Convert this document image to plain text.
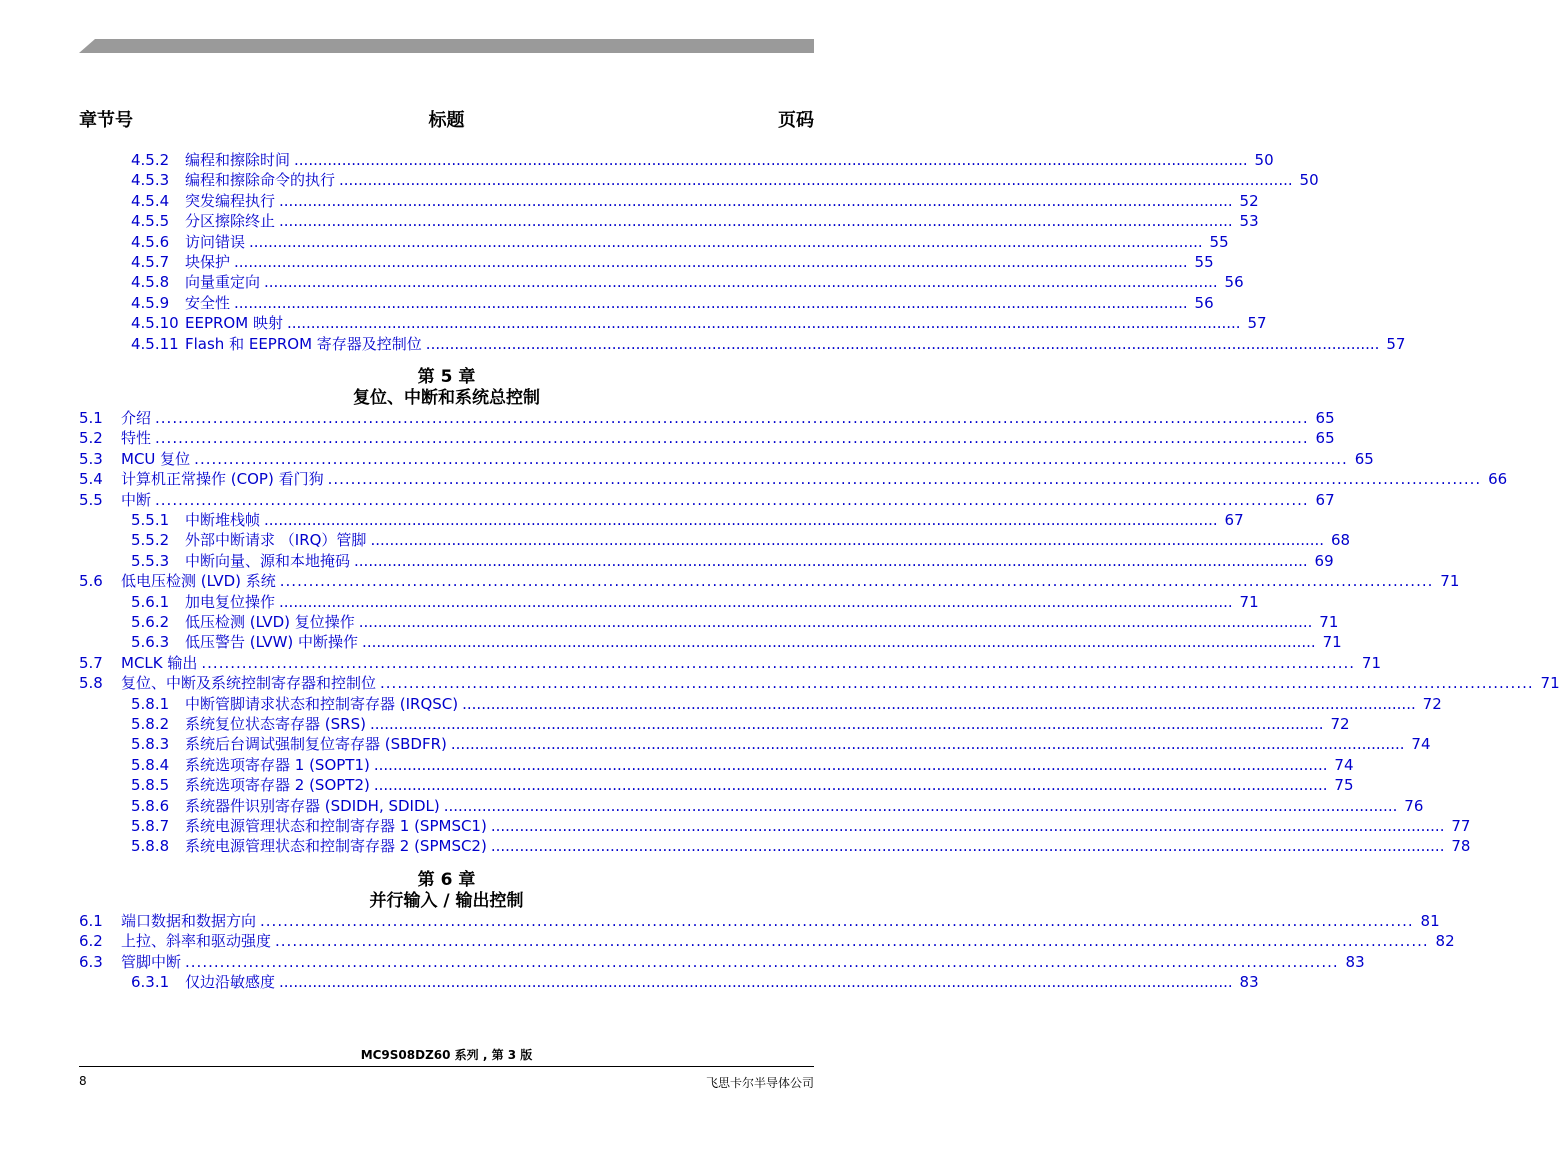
章节号	标题	页码
4.5.2	编程和擦除时间 ........................................................................................................................................................................................................ 50
4.5.3	编程和擦除命令的执行 ........................................................................................................................................................................................................ 50
4.5.4	突发编程执行 ........................................................................................................................................................................................................ 52
4.5.5	分区擦除终止 ........................................................................................................................................................................................................ 53
4.5.6	访问错误 ........................................................................................................................................................................................................ 55
4.5.7	块保护 ........................................................................................................................................................................................................ 55
4.5.8	向量重定向 ........................................................................................................................................................................................................ 56
4.5.9	安全性 ........................................................................................................................................................................................................ 56
4.5.10 EEPROM 映射 ........................................................................................................................................................................................................ 57
4.5.11 Flash 和 EEPROM 寄存器及控制位 ........................................................................................................................................................................................................ 57
第 5 章
复位、中断和系统总控制
5.1	介绍 ........................................................................................................................................................................................................ 65
5.2	特性 ........................................................................................................................................................................................................ 65
5.3	MCU 复位 ........................................................................................................................................................................................................ 65
5.4	计算机正常操作 (COP) 看门狗 ........................................................................................................................................................................................................ 66
5.5	中断 ........................................................................................................................................................................................................ 67
5.5.1	中断堆栈帧 ........................................................................................................................................................................................................ 67
5.5.2	外部中断请求 （IRQ）管脚 ........................................................................................................................................................................................................ 68
5.5.3	中断向量、源和本地掩码 ........................................................................................................................................................................................................ 69
5.6	低电压检测 (LVD) 系统 ........................................................................................................................................................................................................ 71
5.6.1	加电复位操作 ........................................................................................................................................................................................................ 71
5.6.2	低压检测 (LVD) 复位操作 ........................................................................................................................................................................................................ 71
5.6.3	低压警告 (LVW) 中断操作 ........................................................................................................................................................................................................ 71
5.7	MCLK 输出 ........................................................................................................................................................................................................ 71
5.8	复位、中断及系统控制寄存器和控制位 ........................................................................................................................................................................................................ 71
5.8.1	中断管脚请求状态和控制寄存器 (IRQSC) ........................................................................................................................................................................................................ 72
5.8.2	系统复位状态寄存器 (SRS) ........................................................................................................................................................................................................ 72
5.8.3	系统后台调试强制复位寄存器 (SBDFR) ........................................................................................................................................................................................................ 74
5.8.4	系统选项寄存器 1 (SOPT1) ........................................................................................................................................................................................................ 74
5.8.5	系统选项寄存器 2 (SOPT2) ........................................................................................................................................................................................................ 75
5.8.6	系统器件识别寄存器 (SDIDH, SDIDL) ........................................................................................................................................................................................................ 76
5.8.7	系统电源管理状态和控制寄存器 1 (SPMSC1) ........................................................................................................................................................................................................ 77
5.8.8	系统电源管理状态和控制寄存器 2 (SPMSC2) ........................................................................................................................................................................................................ 78
第 6 章
并行输入 / 输出控制
6.1	端口数据和数据方向 ........................................................................................................................................................................................................ 81
6.2	上拉、斜率和驱动强度 ........................................................................................................................................................................................................ 82
6.3	管脚中断 ........................................................................................................................................................................................................ 83
6.3.1	仅边沿敏感度 ........................................................................................................................................................................................................ 83
MC9S08DZ60 系列 , 第 3 版
8	飞思卡尔半导体公司
